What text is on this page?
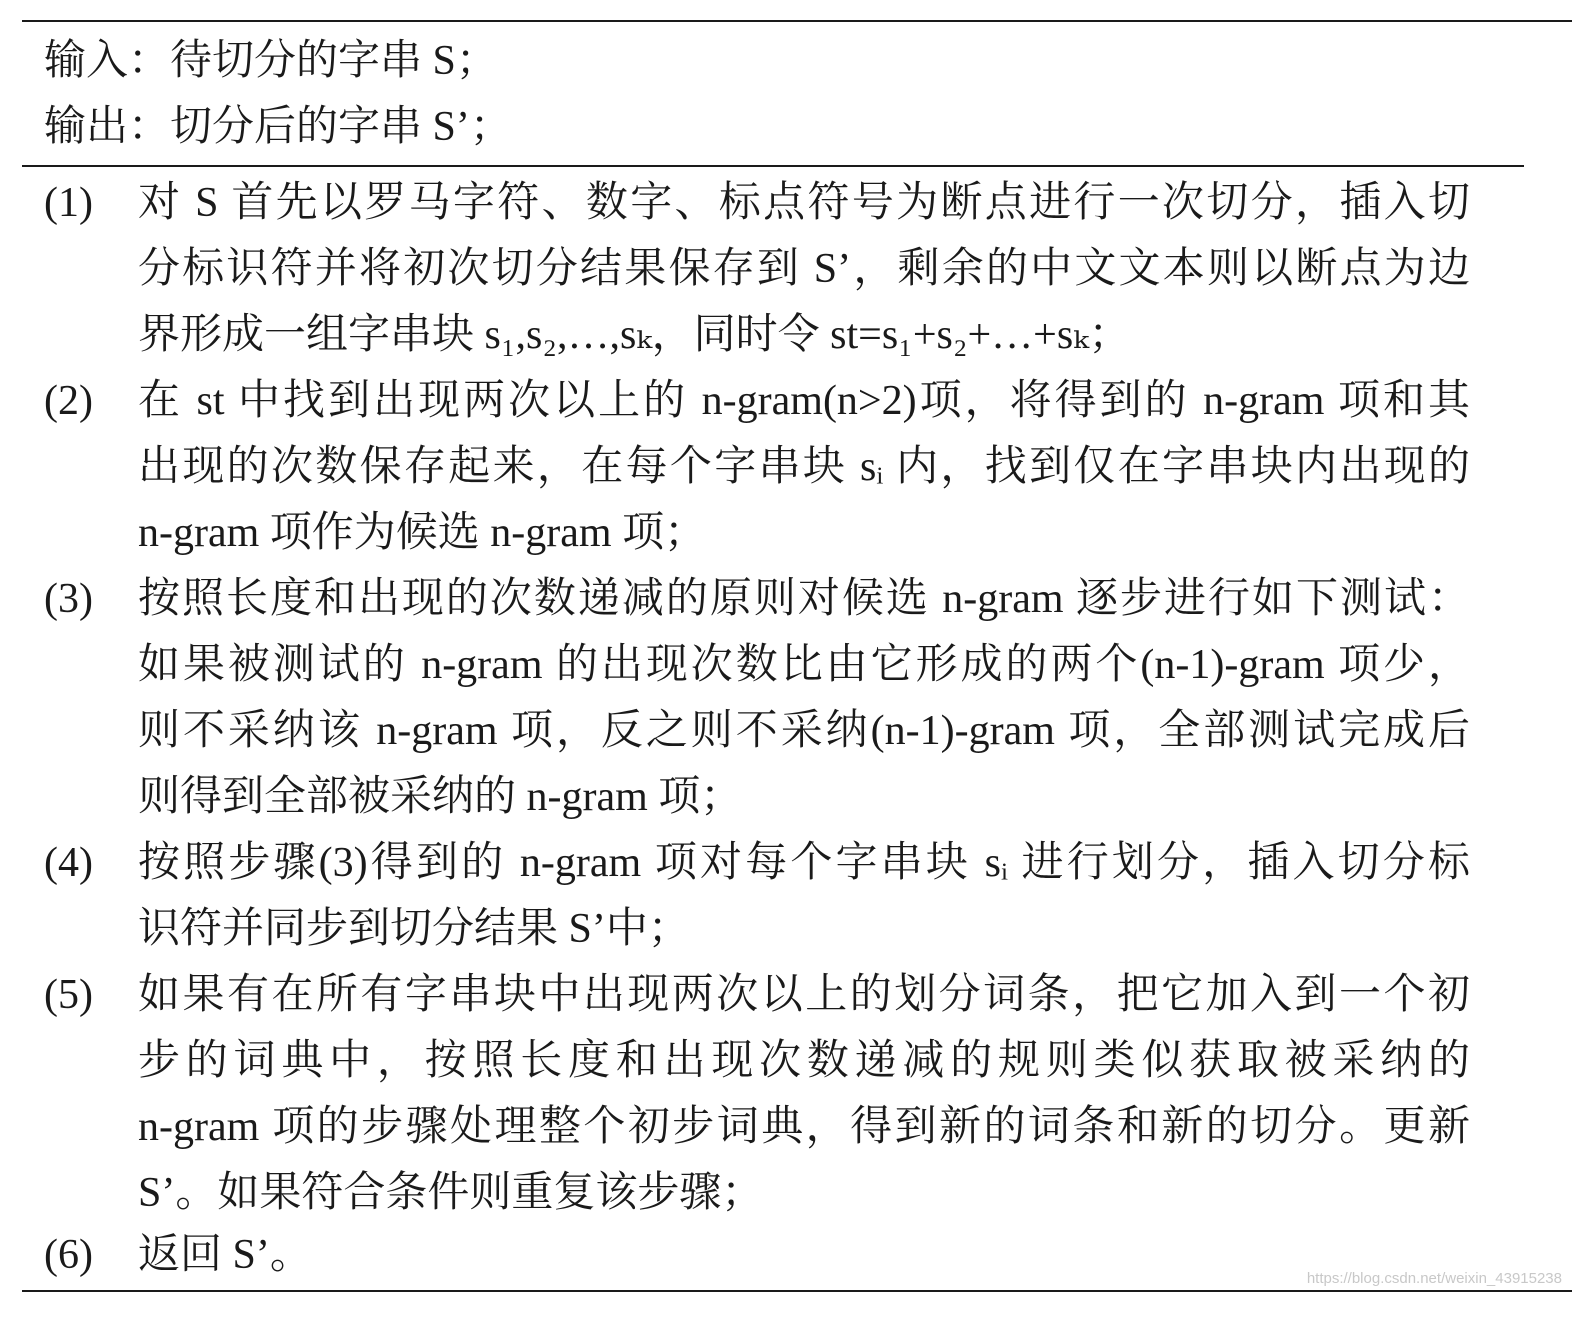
输入：待切分的字串 S；
输出：切分后的字串 S’；
(1) 对 S 首先以罗马字符、数字、标点符号为断点进行一次切分，插入切
分标识符并将初次切分结果保存到 S’，剩余的中文文本则以断点为边
界形成一组字串块 s₁,s₂,…,sₖ，同时令 st=s₁+s₂+…+sₖ；
(2) 在 st 中找到出现两次以上的 n-gram(n>2)项，将得到的 n-gram 项和其
出现的次数保存起来，在每个字串块 sᵢ 内，找到仅在字串块内出现的
n-gram 项作为候选 n-gram 项；
(3) 按照长度和出现的次数递减的原则对候选 n-gram 逐步进行如下测试：
如果被测试的 n-gram 的出现次数比由它形成的两个(n-1)-gram 项少，
则不采纳该 n-gram 项，反之则不采纳(n-1)-gram 项，全部测试完成后
则得到全部被采纳的 n-gram 项；
(4) 按照步骤(3)得到的 n-gram 项对每个字串块 sᵢ 进行划分，插入切分标
识符并同步到切分结果 S’中；
(5) 如果有在所有字串块中出现两次以上的划分词条，把它加入到一个初
步的词典中，按照长度和出现次数递减的规则类似获取被采纳的
n-gram 项的步骤处理整个初步词典，得到新的词条和新的切分。更新
S’。如果符合条件则重复该步骤；
(6) 返回 S’。
https://blog.csdn.net/weixin_43915238
